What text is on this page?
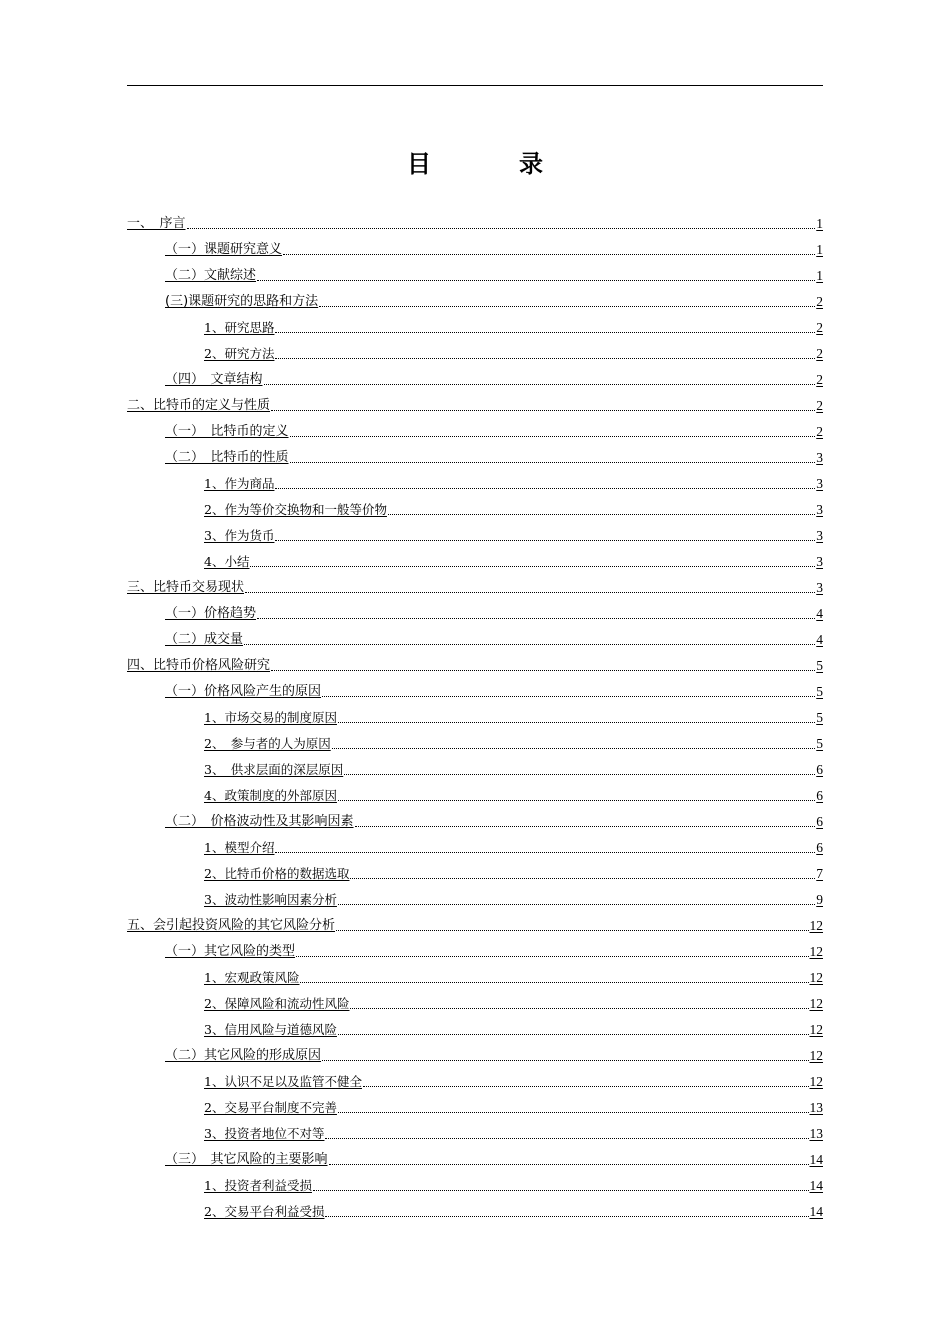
目　录
一、　序言	1
（一）课题研究意义	1
（二）文献综述	1
(三)课题研究的思路和方法	2
1、研究思路	2
2、研究方法	2
（四）　文章结构	2
二、比特币的定义与性质	2
（一）　比特币的定义	2
（二）　比特币的性质	3
1、作为商品	3
2、作为等价交换物和一般等价物	3
3、作为货币	3
4、小结	3
三、比特币交易现状	3
（一）价格趋势	4
（二）成交量	4
四、比特币价格风险研究	5
（一）价格风险产生的原因	5
1、市场交易的制度原因	5
2、　参与者的人为原因	5
3、　供求层面的深层原因	6
4、政策制度的外部原因	6
（二）　价格波动性及其影响因素	6
1、模型介绍	6
2、比特币价格的数据选取	7
3、波动性影响因素分析	9
五、会引起投资风险的其它风险分析	12
（一）其它风险的类型	12
1、宏观政策风险	12
2、保障风险和流动性风险	12
3、信用风险与道德风险	12
（二）其它风险的形成原因	12
1、认识不足以及监管不健全	12
2、交易平台制度不完善	13
3、投资者地位不对等	13
（三）　其它风险的主要影响	14
1、投资者利益受损	14
2、交易平台利益受损	14
